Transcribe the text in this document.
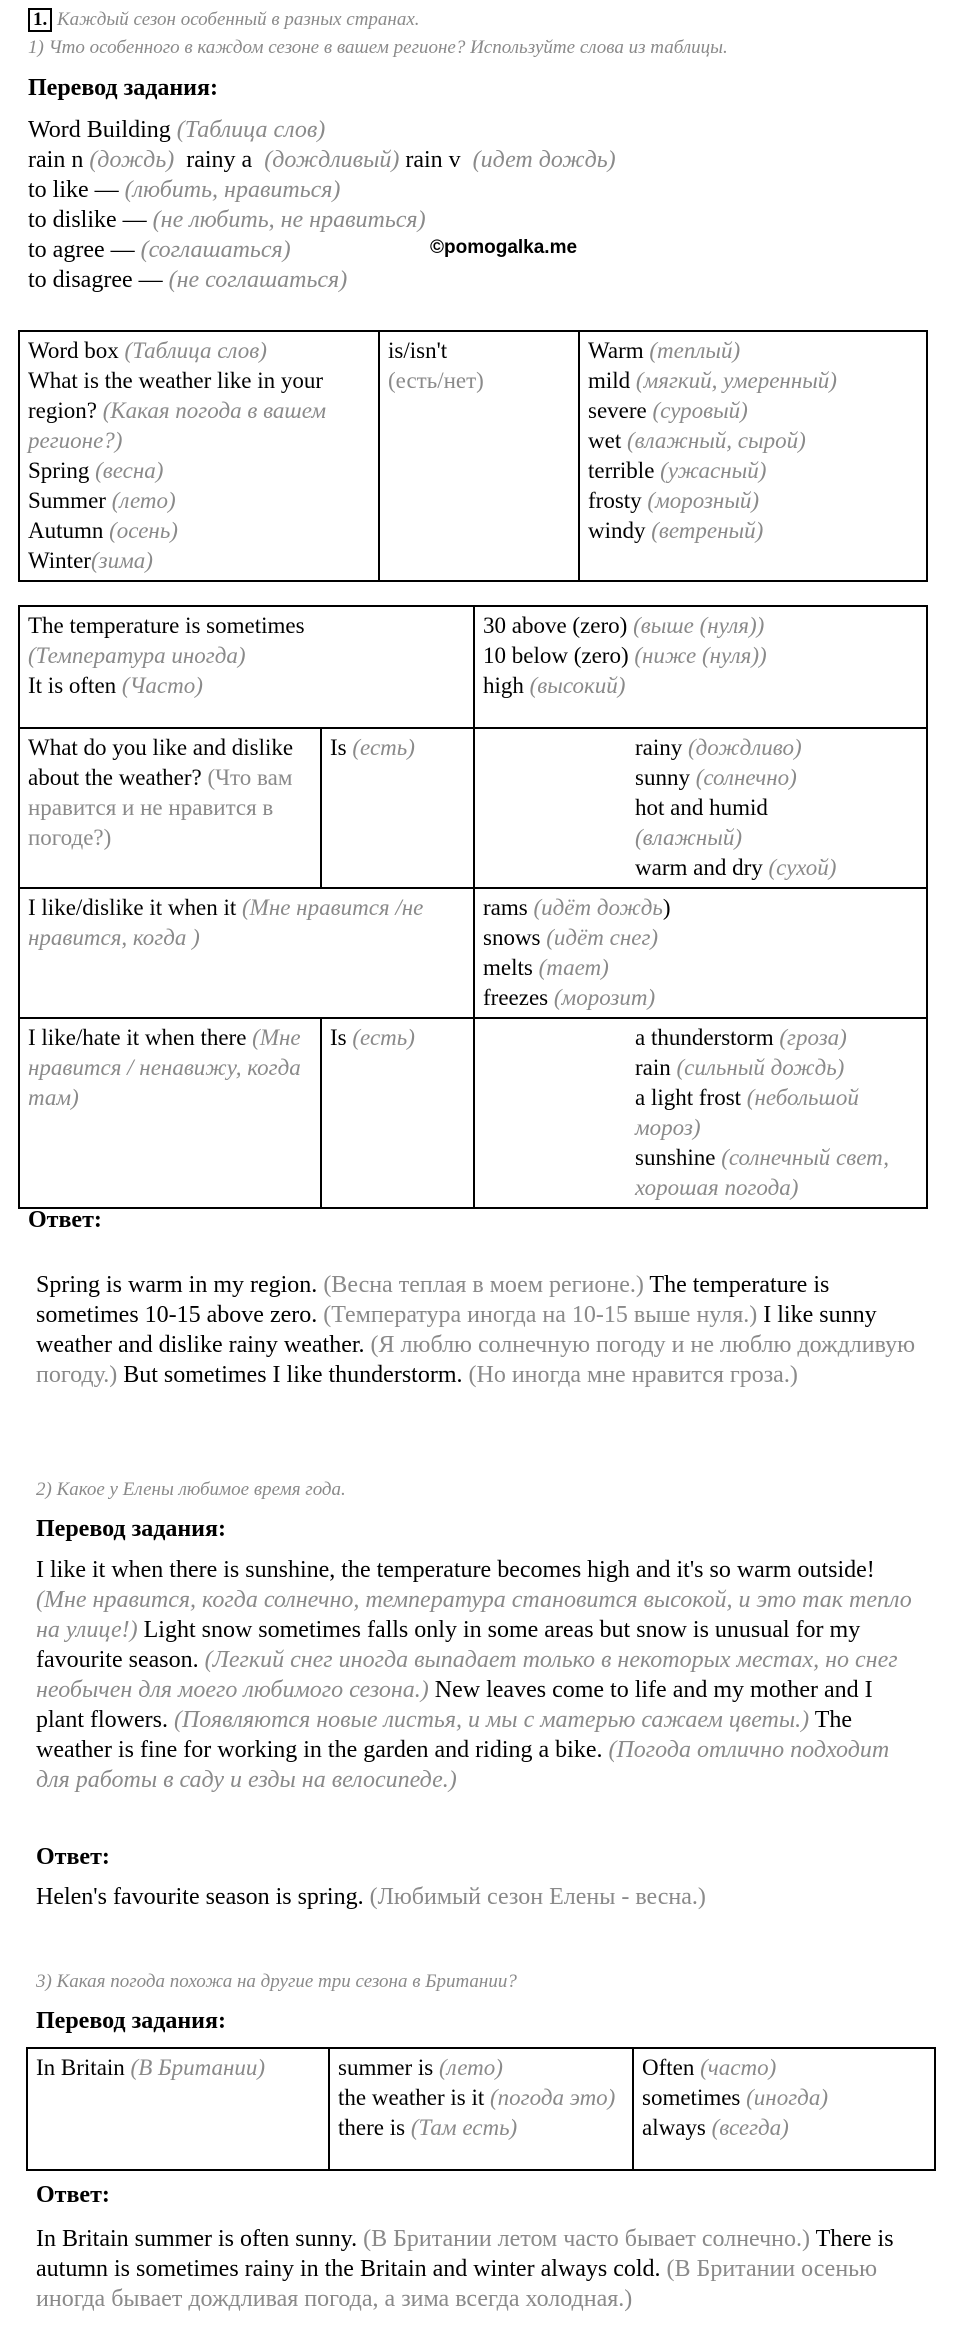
1. Каждый сезон особенный в разных странах.
1) Что особенного в каждом сезоне в вашем регионе? Используйте слова из таблицы.
Перевод задания:

Word Building (Таблица слов)

rain n (дождь) rainy a (дождливый) rain v (идет дождь)

to like — (любить, нравиться)

to dislike — (не любить, не нравиться)

to agree — (соглашаться)

to disagree — (не соглашаться)

©pomogalka.me
Word box (Таблица слов)
What is the weather like in your region? (Какая погода в вашем регионе?)
Spring (весна)
Summer (лето)
Autumn (осень)
Winter(зима)	is/isn't
(есть/нет)	Warm (теплый)
mild (мягкий, умеренный)
severe (суровый)
wet (влажный, сырой)
terrible (ужасный)
frosty (морозный)
windy (ветреный)
The temperature is sometimes
(Температура иногда)
It is often (Часто)		30 above (zero) (выше (нуля))
10 below (zero) (ниже (нуля))
high (высокий)
What do you like and dislike about the weather? (Что вам нравится и не нравится в погоде?)	Is (есть)	rainy (дождливо)
sunny (солнечно)
hot and humid
(влажный)
warm and dry (сухой)
I like/dislike it when it (Мне нравится /не нравится, когда )		rams (идёт дождь)
snows (идёт снег)
melts (тает)
freezes (морозит)
I like/hate it when there (Мне нравится / ненавижу, когда там)	Is (есть)	a thunderstorm (гроза)
rain (сильный дождь)
a light frost (небольшой мороз)
sunshine (солнечный свет, хорошая погода)
Ответ:
Spring is warm in my region. (Весна теплая в моем регионе.) The temperature is sometimes 10-15 above zero. (Температура иногда на 10-15 выше нуля.) I like sunny weather and dislike rainy weather. (Я люблю солнечную погоду и не люблю дождливую погоду.) But sometimes I like thunderstorm. (Но иногда мне нравится гроза.)
2) Какое у Елены любимое время года.
Перевод задания:
I like it when there is sunshine, the temperature becomes high and it's so warm outside! (Мне нравится, когда солнечно, температура становится высокой, и это так тепло на улице!) Light snow sometimes falls only in some areas but snow is unusual for my favourite season. (Легкий снег иногда выпадает только в некоторых местах, но снег необычен для моего любимого сезона.) New leaves come to life and my mother and I plant flowers. (Появляются новые листья, и мы с матерью сажаем цветы.) The weather is fine for working in the garden and riding a bike. (Погода отлично подходит для работы в саду и езды на велосипеде.)
Ответ:
Helen's favourite season is spring. (Любимый сезон Елены - весна.)
3) Какая погода похожа на другие три сезона в Британии?
Перевод задания:
In Britain (В Британии)	summer is (лето)
the weather is it (погода это)
there is (Там есть)	Often (часто)
sometimes (иногда)
always (всегда)
Ответ:
In Britain summer is often sunny. (В Британии летом часто бывает солнечно.) There is autumn is sometimes rainy in the Britain and winter always cold. (В Британии осенью иногда бывает дождливая погода, а зима всегда холодная.)
